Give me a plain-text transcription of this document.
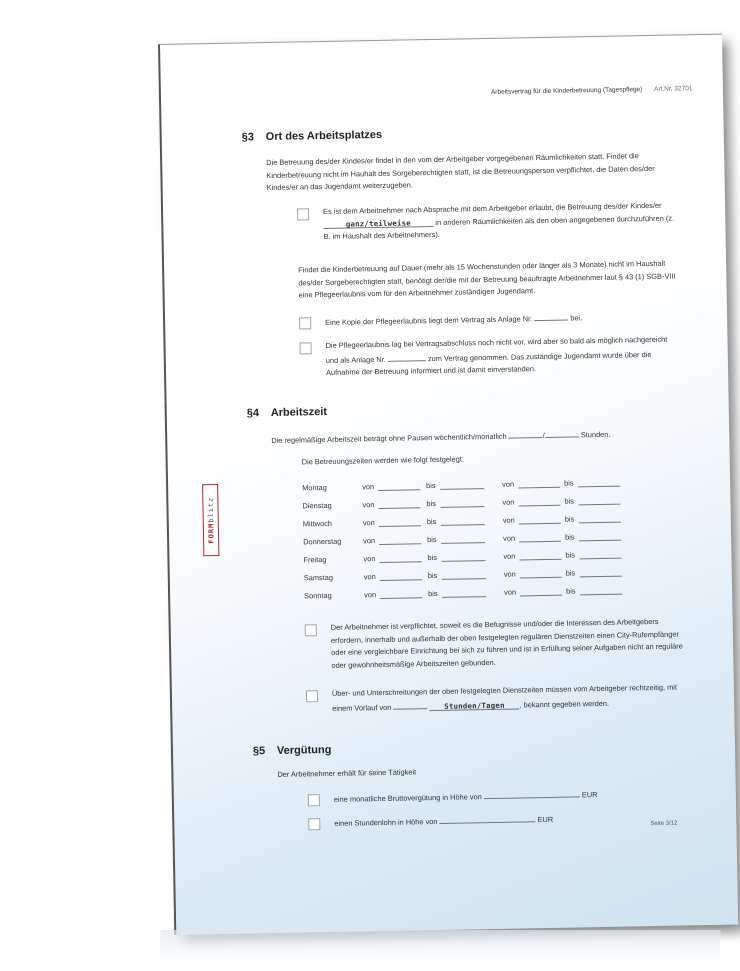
Arbeitsvertrag für die Kinderbetreuung (Tagespflege) Art.Nr. 32701
§3 Ort des Arbeitsplatzes
Die Betreuung des/der Kindes/er findet in den vom der Arbeitgeber vorgegebenen Räumlichkeiten statt. Findet die Kinderbetreuung nicht im Hauhalt des Sorgeberechtigten statt, ist die Betreuungsperson verpflichtet, die Daten des/der Kindes/er an das Jugendamt weiterzugeben.
Es ist dem Arbeitnehmer nach Absprache mit dem Arbeitgeber erlaubt, die Betreuung des/der Kindes/er ganz/teilweise	in anderen Räumlichkeiten als den oben angegebenen durchzuführen (z. B. im Haushalt des Arbeitnehmers).
Findet die Kinderbetreuung auf Dauer (mehr als 15 Wochenstunden oder länger als 3 Monate) nicht im Haushalt des/der Sorgeberechtigten statt, benötigt der/die mit der Betreuung beauftragte Arbeitnehmer laut § 43 (1) SGB-VIII eine Pflegeerlaubnis vom für den Arbeitnehmer zuständigen Jugendamt.
Eine Kopie der Pflegeerlaubnis liegt dem Vertrag als Anlage Nr.	bei.
Die Pflegeerlaubnis lag bei Vertragsabschluss noch nicht vor, wird aber so bald als möglich nachgereicht und als Anlage Nr.	zum Vertrag genommen. Das zuständige Jugendamt wurde über die Aufnahme der Betreuung informiert und ist damit einverstanden.
§4 Arbeitszeit
Die regelmäßige Arbeitszeit beträgt ohne Pausen wöchentlich/monatlich	/	Stunden.
Die Betreuungszeiten werden wie folgt festgelegt:
Montag	von	bis	von	bis
Dienstag	von	bis	von	bis
Mittwoch	von	bis	von	bis
Donnerstag	von	bis	von	bis
Freitag	von	bis	von	bis
Samstag	von	bis	von	bis
Sonntag	von	bis	von	bis
Der Arbeitnehmer ist verpflichtet, soweit es die Befugnisse und/oder die Interessen des Arbeitgebers erfordern, innerhalb und außerhalb der oben festgelegten regulären Dienstzeiten einen City-Rufempfänger oder eine vergleichbare Einrichtung bei sich zu führen und ist in Erfüllung seiner Aufgaben nicht an reguläre oder gewohnheitsmäßige Arbeitszeiten gebunden.
Über- und Unterschreitungen der oben festgelegten Dienstzeiten müssen vom Arbeitgeber rechtzeitig, mit einem Vorlauf von	Stunden/Tagen , bekannt gegeben werden.
§5 Vergütung
Der Arbeitnehmer erhält für seine Tätigkeit
eine monatliche Bruttovergütung in Höhe von	EUR
einen Stundenlohn in Höhe von	EUR	Seite 3/12
FORMblitz
